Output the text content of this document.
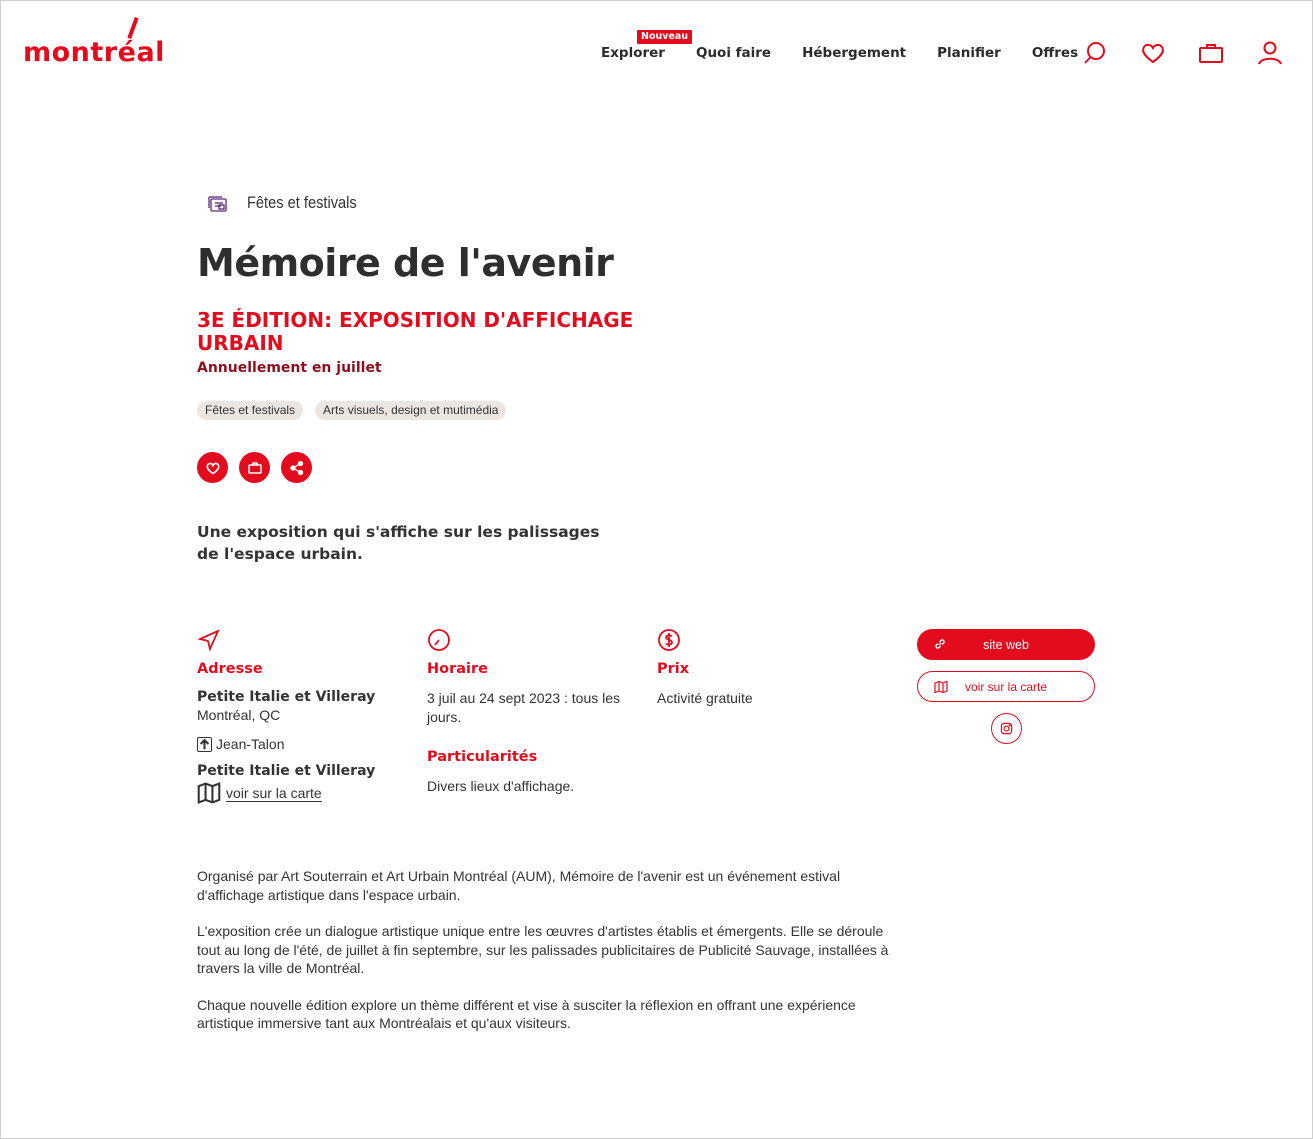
montréal
Nouveau
Explorer Quoi faire Hébergement Planifier Offres
Fêtes et festivals
Mémoire de l'avenir
3E ÉDITION: EXPOSITION D'AFFICHAGE URBAIN
Annuellement en juillet
Fêtes et festivals	Arts visuels, design et mutimédia
Une exposition qui s'affiche sur les palissages de l'espace urbain.
Adresse
Petite Italie et Villeray
Montréal, QC
Jean-Talon
Petite Italie et Villeray
voir sur la carte
Horaire
3 juil au 24 sept 2023 : tous les jours.
Particularités
Divers lieux d'affichage.
Prix
Activité gratuite
site web
voir sur la carte

Organisé par Art Souterrain et Art Urbain Montréal (AUM), Mémoire de l'avenir est un événement estival d'affichage artistique dans l'espace urbain.

L'exposition crée un dialogue artistique unique entre les œuvres d'artistes établis et émergents. Elle se déroule tout au long de l'été, de juillet à fin septembre, sur les palissades publicitaires de Publicité Sauvage, installées à travers la ville de Montréal.

Chaque nouvelle édition explore un thème différent et vise à susciter la réflexion en offrant une expérience artistique immersive tant aux Montréalais et qu'aux visiteurs.
